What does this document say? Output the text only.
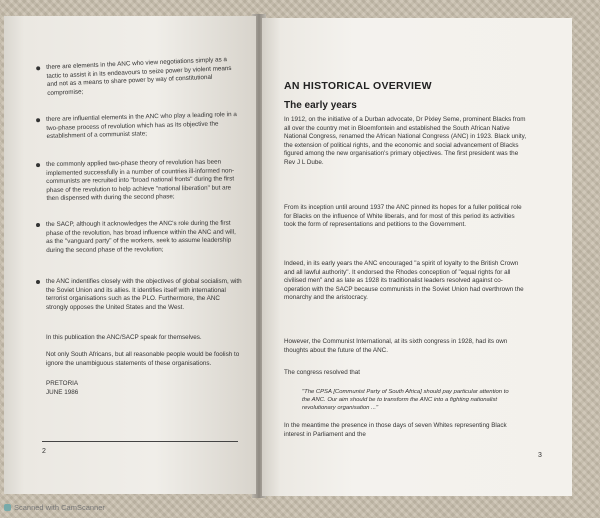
there are elements in the ANC who view negotiations simply as a tactic to assist it in its endeavours to seize power by violent means and not as a means to share power by way of constitutional compromise;
there are influential elements in the ANC who play a leading role in a two-phase process of revolution which has as its objective the establishment of a communist state;
the commonly applied two-phase theory of revolution has been implemented successfully in a number of countries ill-informed non-communists are recruited into "broad national fronts" during the first phase of the revolution to help achieve "national liberation" but are then dispensed with during the second phase;
the SACP, although it acknowledges the ANC's role during the first phase of the revolution, has broad influence within the ANC and will, as the "vanguard party" of the workers, seek to assume leadership during the second phase of the revolution;
the ANC indentifies closely with the objectives of global socialism, with the Soviet Union and its allies. It identifies itself with international terrorist organisations such as the PLO. Furthermore, the ANC strongly opposes the United States and the West.
In this publication the ANC/SACP speak for themselves.
Not only South Africans, but all reasonable people would be foolish to ignore the unambiguous statements of these organisations.
PRETORIA
JUNE 1986
2
AN HISTORICAL OVERVIEW
The early years
In 1912, on the initiative of a Durban advocate, Dr Pixley Seme, prominent Blacks from all over the country met in Bloemfontein and established the South African Native National Congress, renamed the African National Congress (ANC) in 1923. Black unity, the extension of political rights, and the economic and social advancement of Blacks figured among the new organisation's primary objectives. The first president was the Rev J L Dube.
From its inception until around 1937 the ANC pinned its hopes for a fuller political role for Blacks on the influence of White liberals, and for most of this period its activities took the form of representations and petitions to the Government.
Indeed, in its early years the ANC encouraged "a spirit of loyalty to the British Crown and all lawful authority". It endorsed the Rhodes conception of "equal rights for all civilised men" and as late as 1928 its traditionalist leaders resolved against co-operation with the SACP because communists in the Soviet Union had overthrown the monarchy and the aristocracy.
However, the Communist International, at its sixth congress in 1928, had its own thoughts about the future of the ANC.
The congress resolved that
"The CPSA [Communist Party of South Africa] should pay particular attention to the ANC. Our aim should be to transform the ANC into a fighting nationalist revolutionary organisation ..."
In the meantime the presence in those days of seven Whites representing Black interest in Parliament and the
3
Scanned with CamScanner
